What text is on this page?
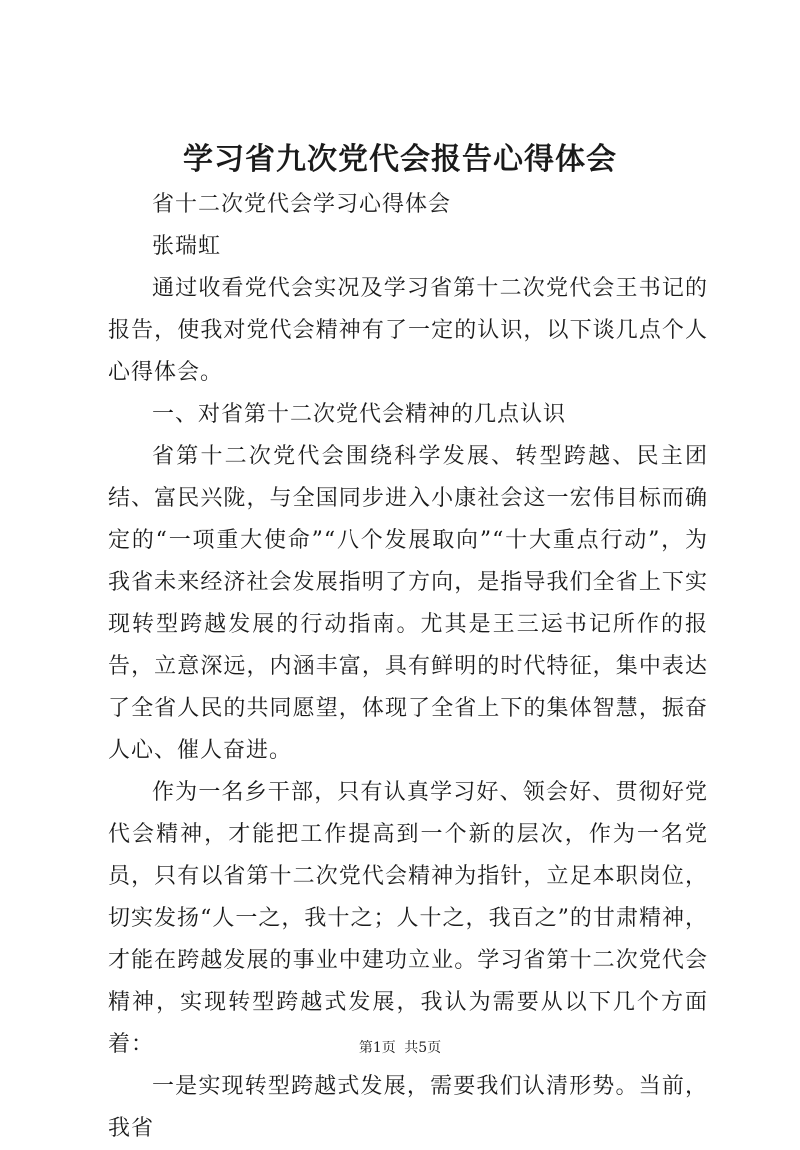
学习省九次党代会报告心得体会

省十二次党代会学习心得体会

张瑞虹

通过收看党代会实况及学习省第十二次党代会王书记的报告，使我对党代会精神有了一定的认识，以下谈几点个人心得体会。

一、对省第十二次党代会精神的几点认识

省第十二次党代会围绕科学发展、转型跨越、民主团结、富民兴陇，与全国同步进入小康社会这一宏伟目标而确定的“一项重大使命”“八个发展取向”“十大重点行动”，为我省未来经济社会发展指明了方向，是指导我们全省上下实现转型跨越发展的行动指南。尤其是王三运书记所作的报告，立意深远，内涵丰富，具有鲜明的时代特征，集中表达了全省人民的共同愿望，体现了全省上下的集体智慧，振奋人心、催人奋进。

作为一名乡干部，只有认真学习好、领会好、贯彻好党代会精神，才能把工作提高到一个新的层次，作为一名党员，只有以省第十二次党代会精神为指针，立足本职岗位，切实发扬“人一之，我十之；人十之，我百之”的甘肃精神，才能在跨越发展的事业中建功立业。学习省第十二次党代会精神，实现转型跨越式发展，我认为需要从以下几个方面着：

一是实现转型跨越式发展，需要我们认清形势。当前，我省

第1页 共5页
